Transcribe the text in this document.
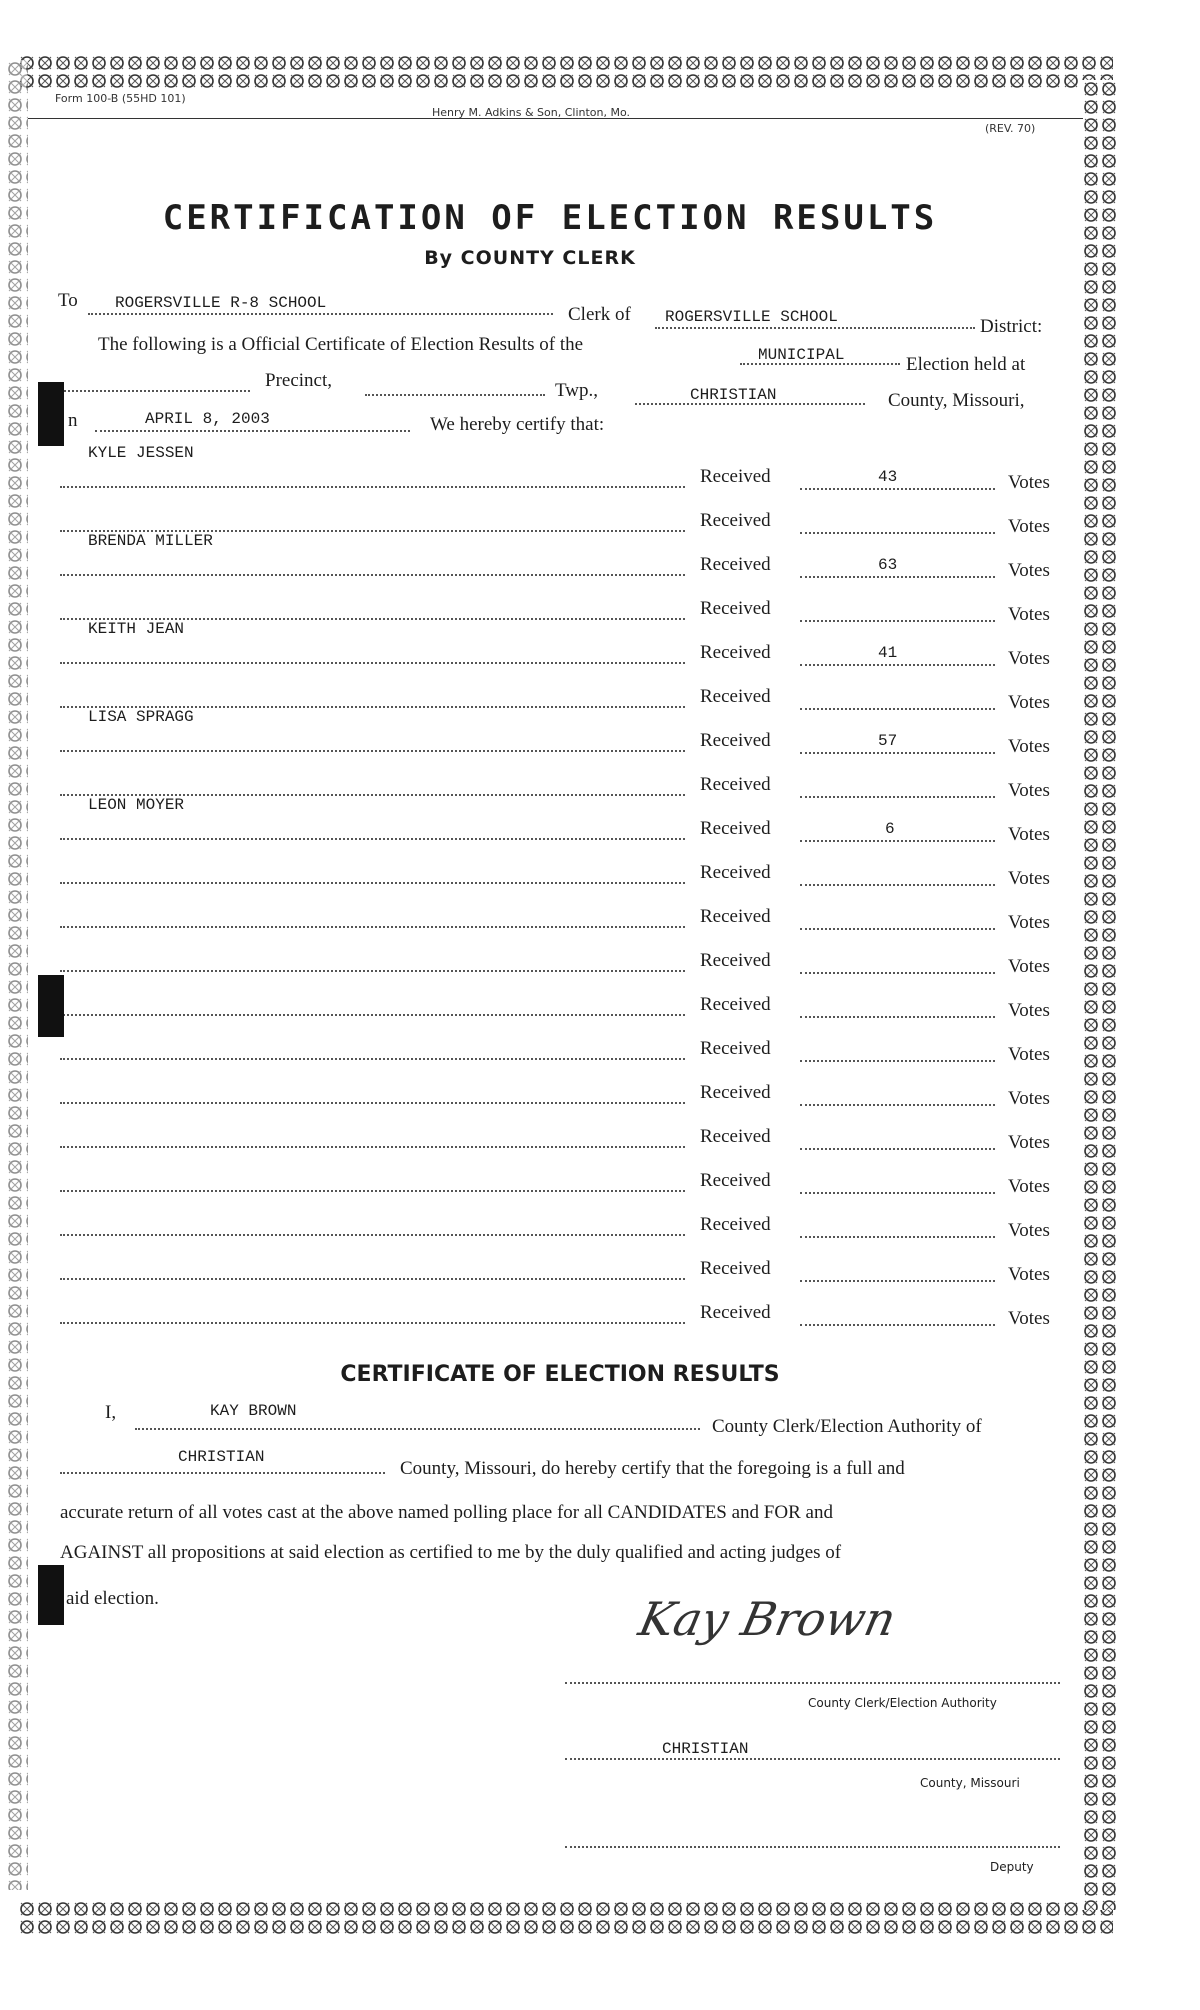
Form 100-B (55HD 101)
Henry M. Adkins & Son, Clinton, Mo.
(REV. 70)
CERTIFICATION OF ELECTION RESULTS
By COUNTY CLERK
To ROGERSVILLE R-8 SCHOOL
Clerk of ROGERSVILLE SCHOOL	District:
The following is a Official Certificate of Election Results of the	MUNICIPAL	Election held at
Precinct,	Twp.,	CHRISTIAN	County, Missouri,
n	APRIL 8, 2003	We hereby certify that:
KYLE JESSEN
Received	43	Votes
Received	Votes
BRENDA MILLER
Received	63	Votes
Received	Votes
KEITH JEAN
Received	41	Votes
Received	Votes
LISA SPRAGG
Received	57	Votes
Received	Votes
LEON MOYER
Received	6	Votes
Received	Votes
Received	Votes
Received	Votes
Received	Votes
Received	Votes
Received	Votes
Received	Votes
Received	Votes
Received	Votes
Received	Votes
Received	Votes
CERTIFICATE OF ELECTION RESULTS
I,	KAY BROWN
County Clerk/Election Authority of
CHRISTIAN
County, Missouri, do hereby certify that the foregoing is a full and
accurate return of all votes cast at the above named polling place for all CANDIDATES and FOR and
AGAINST all propositions at said election as certified to me by the duly qualified and acting judges of
aid election.	Kay Brown
County Clerk/Election Authority
CHRISTIAN
County, Missouri
Deputy
